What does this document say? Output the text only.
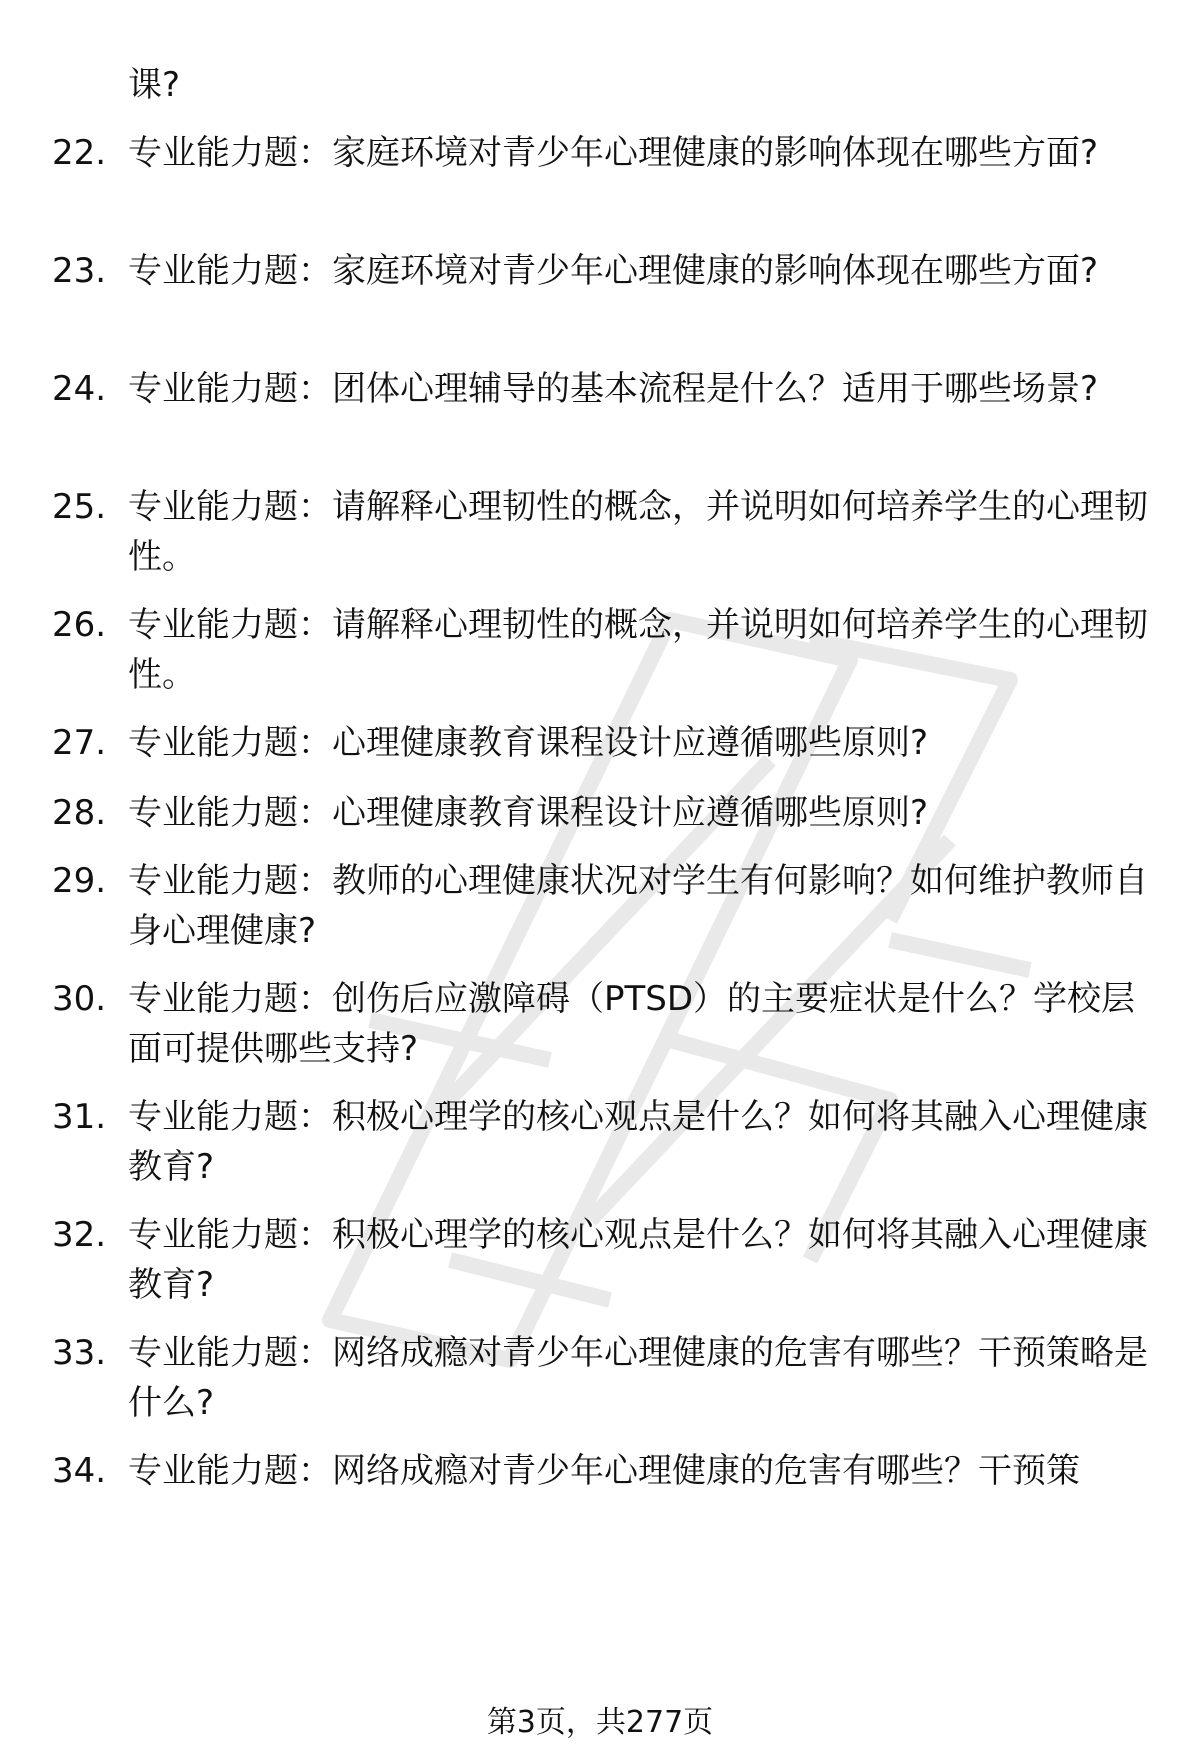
课?

22. 专业能力题：家庭环境对青少年心理健康的影响体现在哪些方面?

23. 专业能力题：家庭环境对青少年心理健康的影响体现在哪些方面?

24. 专业能力题：团体心理辅导的基本流程是什么？适用于哪些场景?

25. 专业能力题：请解释心理韧性的概念，并说明如何培养学生的心理韧性。

26. 专业能力题：请解释心理韧性的概念，并说明如何培养学生的心理韧性。

27. 专业能力题：心理健康教育课程设计应遵循哪些原则?

28. 专业能力题：心理健康教育课程设计应遵循哪些原则?

29. 专业能力题：教师的心理健康状况对学生有何影响？如何维护教师自身心理健康?

30. 专业能力题：创伤后应激障碍（PTSD）的主要症状是什么？学校层面可提供哪些支持?

31. 专业能力题：积极心理学的核心观点是什么？如何将其融入心理健康教育?

32. 专业能力题：积极心理学的核心观点是什么？如何将其融入心理健康教育?

33. 专业能力题：网络成瘾对青少年心理健康的危害有哪些？干预策略是什么?

34. 专业能力题：网络成瘾对青少年心理健康的危害有哪些？干预策

第3页，共277页
